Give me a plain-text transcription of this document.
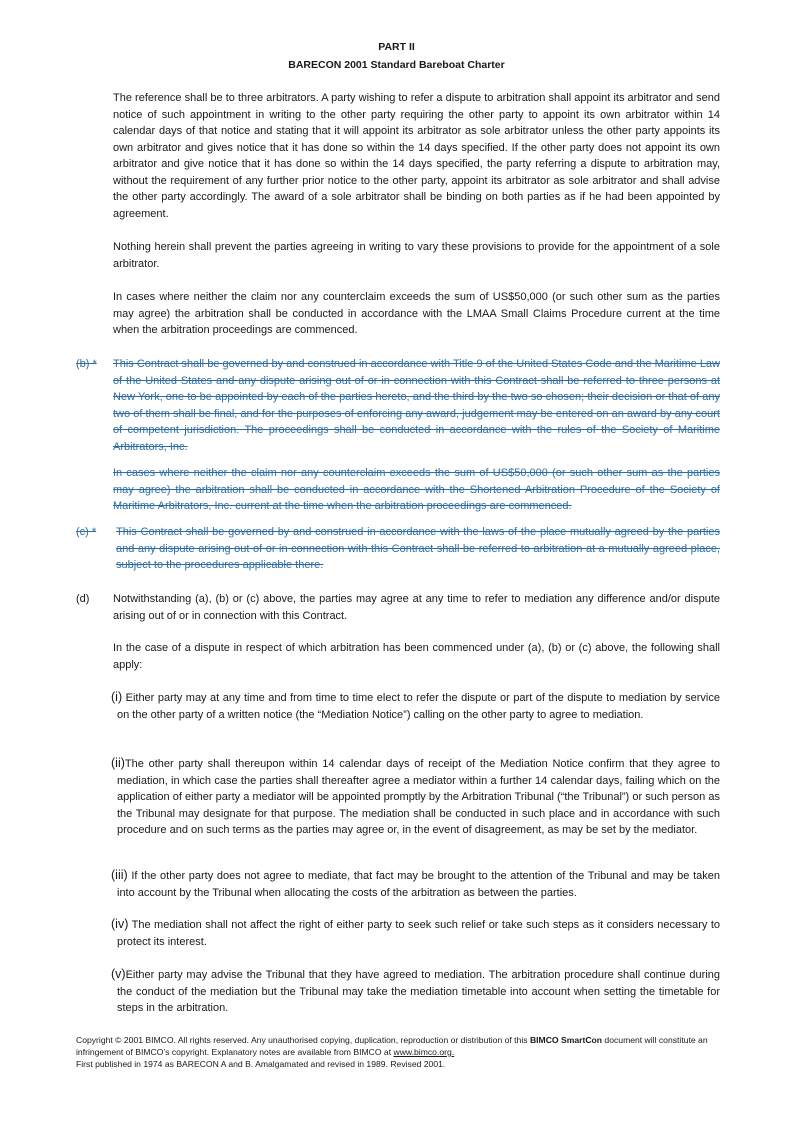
PART II
BARECON 2001 Standard Bareboat Charter

The reference shall be to three arbitrators. A party wishing to refer a dispute to arbitration shall appoint its arbitrator and send notice of such appointment in writing to the other party requiring the other party to appoint its own arbitrator within 14 calendar days of that notice and stating that it will appoint its arbitrator as sole arbitrator unless the other party appoints its own arbitrator and gives notice that it has done so within the 14 days specified. If the other party does not appoint its own arbitrator and give notice that it has done so within the 14 days specified, the party referring a dispute to arbitration may, without the requirement of any further prior notice to the other party, appoint its arbitrator as sole arbitrator and shall advise the other party accordingly. The award of a sole arbitrator shall be binding on both parties as if he had been appointed by agreement.

Nothing herein shall prevent the parties agreeing in writing to vary these provisions to provide for the appointment of a sole arbitrator.

In cases where neither the claim nor any counterclaim exceeds the sum of US$50,000 (or such other sum as the parties may agree) the arbitration shall be conducted in accordance with the LMAA Small Claims Procedure current at the time when the arbitration proceedings are commenced.

(b) * This Contract shall be governed by and construed in accordance with Title 9 of the United States Code and the Maritime Law of the United States and any dispute arising out of or in connection with this Contract shall be referred to three persons at New York, one to be appointed by each of the parties hereto, and the third by the two so chosen; their decision or that of any two of them shall be final, and for the purposes of enforcing any award, judgement may be entered on an award by any court of competent jurisdiction. The proceedings shall be conducted in accordance with the rules of the Society of Maritime Arbitrators, Inc.

In cases where neither the claim nor any counterclaim exceeds the sum of US$50,000 (or such other sum as the parties may agree) the arbitration shall be conducted in accordance with the Shortened Arbitration Procedure of the Society of Maritime Arbitrators, Inc. current at the time when the arbitration proceedings are commenced.

(c) * This Contract shall be governed by and construed in accordance with the laws of the place mutually agreed by the parties and any dispute arising out of or in connection with this Contract shall be referred to arbitration at a mutually agreed place, subject to the procedures applicable there.

(d) Notwithstanding (a), (b) or (c) above, the parties may agree at any time to refer to mediation any difference and/or dispute arising out of or in connection with this Contract.

In the case of a dispute in respect of which arbitration has been commenced under (a), (b) or (c) above, the following shall apply:

(i) Either party may at any time and from time to time elect to refer the dispute or part of the dispute to mediation by service on the other party of a written notice (the “Mediation Notice”) calling on the other party to agree to mediation.

(ii)The other party shall thereupon within 14 calendar days of receipt of the Mediation Notice confirm that they agree to mediation, in which case the parties shall thereafter agree a mediator within a further 14 calendar days, failing which on the application of either party a mediator will be appointed promptly by the Arbitration Tribunal (“the Tribunal”) or such person as the Tribunal may designate for that purpose. The mediation shall be conducted in such place and in accordance with such procedure and on such terms as the parties may agree or, in the event of disagreement, as may be set by the mediator.

(iii) If the other party does not agree to mediate, that fact may be brought to the attention of the Tribunal and may be taken into account by the Tribunal when allocating the costs of the arbitration as between the parties.

(iv) The mediation shall not affect the right of either party to seek such relief or take such steps as it considers necessary to protect its interest.

(v)Either party may advise the Tribunal that they have agreed to mediation. The arbitration procedure shall continue during the conduct of the mediation but the Tribunal may take the mediation timetable into account when setting the timetable for steps in the arbitration.

Copyright © 2001 BIMCO. All rights reserved. Any unauthorised copying, duplication, reproduction or distribution of this BIMCO SmartCon document will constitute an infringement of BIMCO’s copyright. Explanatory notes are available from BIMCO at www.bimco.org.
First published in 1974 as BARECON A and B. Amalgamated and revised in 1989. Revised 2001.
